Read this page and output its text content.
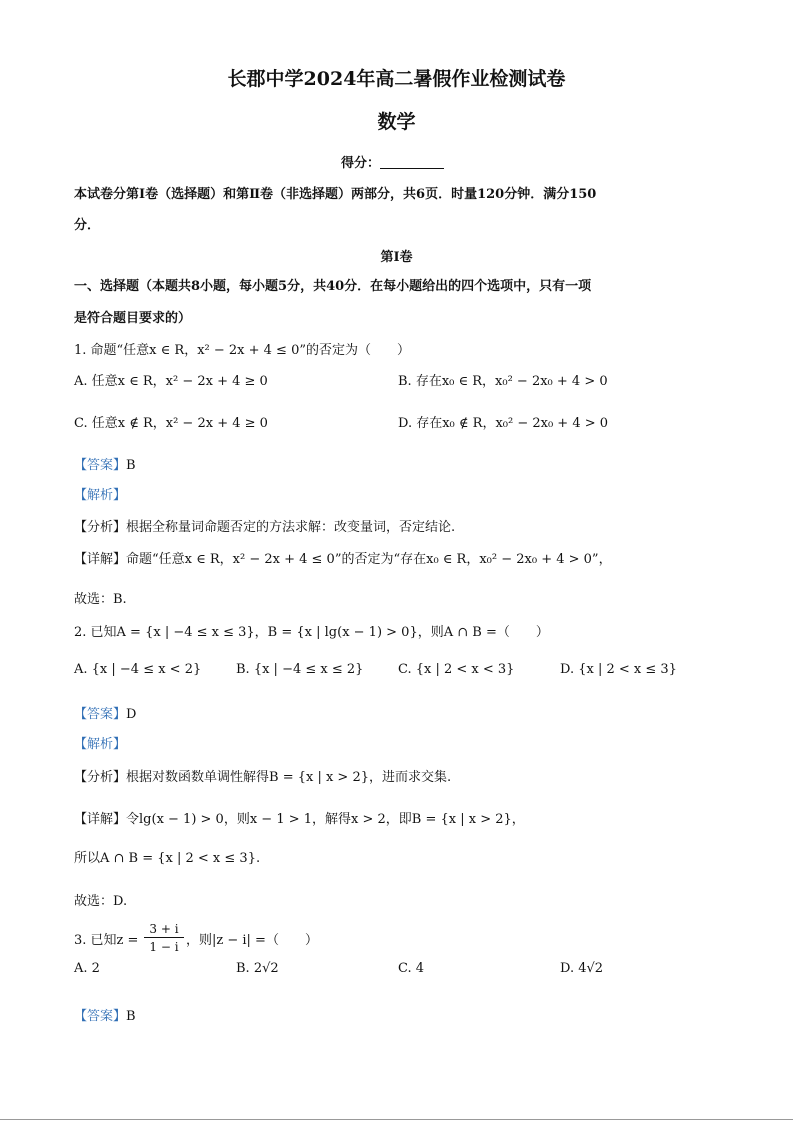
长郡中学2024年高二暑假作业检测试卷
数学
得分：
本试卷分第Ⅰ卷（选择题）和第Ⅱ卷（非选择题）两部分，共6页．时量120分钟．满分150
分．
第Ⅰ卷
一、选择题（本题共8小题，每小题5分，共40分．在每小题给出的四个选项中，只有一项
是符合题目要求的）
1. 命题“任意x ∈ R，x² − 2x + 4 ≤ 0”的否定为（　　）
A. 任意x ∈ R，x² − 2x + 4 ≥ 0	B. 存在x₀ ∈ R，x₀² − 2x₀ + 4 > 0
C. 任意x ∉ R，x² − 2x + 4 ≥ 0	D. 存在x₀ ∉ R，x₀² − 2x₀ + 4 > 0
【答案】B
【解析】
【分析】根据全称量词命题否定的方法求解：改变量词，否定结论.
【详解】命题“任意x ∈ R，x² − 2x + 4 ≤ 0”的否定为“存在x₀ ∈ R，x₀² − 2x₀ + 4 > 0”，
故选：B.
2. 已知A = {x | −4 ≤ x ≤ 3}，B = {x | lg(x − 1) > 0}，则A ∩ B =（　　）
A. {x | −4 ≤ x < 2}	B. {x | −4 ≤ x ≤ 2}	C. {x | 2 < x < 3}	D. {x | 2 < x ≤ 3}
【答案】D
【解析】
【分析】根据对数函数单调性解得B = {x | x > 2}，进而求交集.
【详解】令lg(x − 1) > 0，则x − 1 > 1，解得x > 2，即B = {x | x > 2}，
所以A ∩ B = {x | 2 < x ≤ 3}.
故选：D.
3. 已知z =
3 + i
1 − i ，则|z − i| =（　　）
A. 2	B. 2√2	C. 4	D. 4√2
【答案】B
